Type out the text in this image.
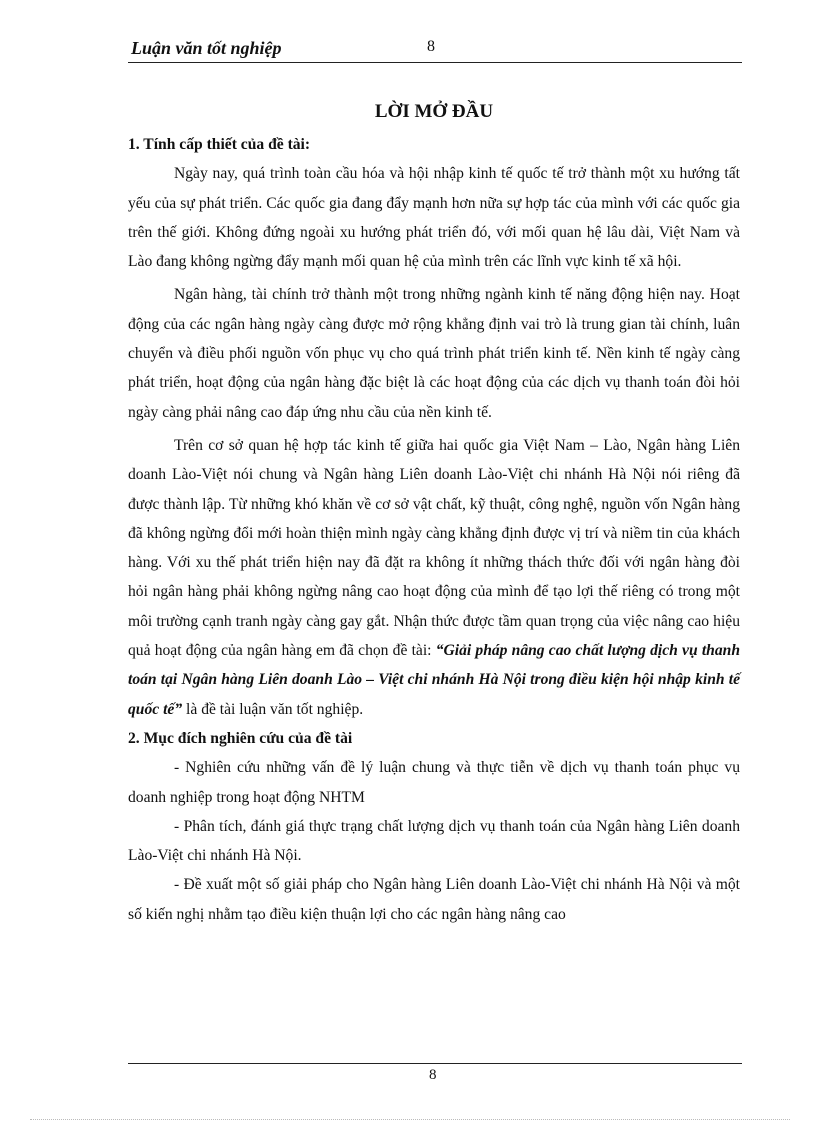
Luận văn tốt nghiệp	8
LỜI MỞ ĐẦU
1. Tính cấp thiết của đề tài:

Ngày nay, quá trình toàn cầu hóa và hội nhập kinh tế quốc tế trở thành một xu hướng tất yếu của sự phát triển. Các quốc gia đang đẩy mạnh hơn nữa sự hợp tác của mình với các quốc gia trên thế giới. Không đứng ngoài xu hướng phát triển đó, với mối quan hệ lâu dài, Việt Nam và Lào đang không ngừng đẩy mạnh mối quan hệ của mình trên các lĩnh vực kinh tế xã hội.

Ngân hàng, tài chính trở thành một trong những ngành kinh tế năng động hiện nay. Hoạt động của các ngân hàng ngày càng được mở rộng khẳng định vai trò là trung gian tài chính, luân chuyển và điều phối nguồn vốn phục vụ cho quá trình phát triển kinh tế. Nền kinh tế ngày càng phát triển, hoạt động của ngân hàng đặc biệt là các hoạt động của các dịch vụ thanh toán đòi hỏi ngày càng phải nâng cao đáp ứng nhu cầu của nền kinh tế.

Trên cơ sở quan hệ hợp tác kinh tế giữa hai quốc gia Việt Nam – Lào, Ngân hàng Liên doanh Lào-Việt nói chung và Ngân hàng Liên doanh Lào-Việt chi nhánh Hà Nội nói riêng đã được thành lập. Từ những khó khăn về cơ sở vật chất, kỹ thuật, công nghệ, nguồn vốn Ngân hàng đã không ngừng đổi mới hoàn thiện mình ngày càng khẳng định được vị trí và niềm tin của khách hàng. Với xu thế phát triển hiện nay đã đặt ra không ít những thách thức đối với ngân hàng đòi hỏi ngân hàng phải không ngừng nâng cao hoạt động của mình để tạo lợi thế riêng có trong một môi trường cạnh tranh ngày càng gay gắt. Nhận thức được tầm quan trọng của việc nâng cao hiệu quả hoạt động của ngân hàng em đã chọn đề tài: “Giải pháp nâng cao chất lượng dịch vụ thanh toán tại Ngân hàng Liên doanh Lào – Việt chi nhánh Hà Nội trong điều kiện hội nhập kinh tế quốc tế” là đề tài luận văn tốt nghiệp.

2. Mục đích nghiên cứu của đề tài

- Nghiên cứu những vấn đề lý luận chung và thực tiễn về dịch vụ thanh toán phục vụ doanh nghiệp trong hoạt động NHTM

- Phân tích, đánh giá thực trạng chất lượng dịch vụ thanh toán của Ngân hàng Liên doanh Lào-Việt chi nhánh Hà Nội.

- Đề xuất một số giải pháp cho Ngân hàng Liên doanh Lào-Việt chi nhánh Hà Nội và một số kiến nghị nhằm tạo điều kiện thuận lợi cho các ngân hàng nâng cao

8
